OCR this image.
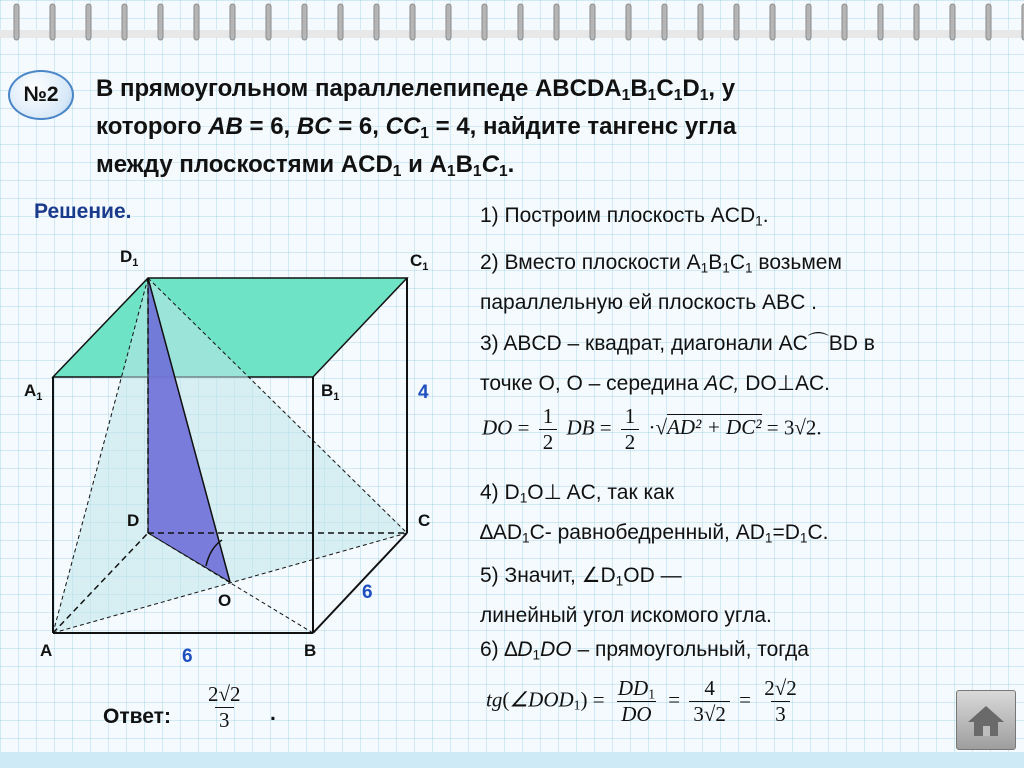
№2	В прямоугольном параллелепипеде $ABCDA_1B_1C_1D_1$, у
которого AB = 6, BC = 6, $CC_1 = 4$, найдите тангенс угла
между плоскостями $ACD_1$ и $A_1B_1C_1$.
Решение.
$D_1$	$C_1$
$A_1$	$B_1$
D	C
A	B
O
4
6
6
1) Построим плоскость $ACD_1$.
2) Вместо плоскости $A_1B_1C_1$ возьмем
параллельную ей плоскость ABC .
3) ABCD – квадрат, диагонали AC⌒BD в
точке О, О – середина AC, DO⊥AC.
DO = $\frac{1}{2}$ DB = $\frac{1}{2} \cdot√AD^2 + DC^2 = 3√2$.
4) $D_1O\perp$ AC, так как
$\Delta AD_1C-$ равнобедренный, $AD_1=D_1C$.
5) Значит, $\angle D_1OD$ —
линейный угол искомого угла.
6) $\Delta D_1DO$ – прямоугольный, тогда
$tg(\angle DOD_1) = \frac{DD_1}{DO} = \frac{4}{3√2} = \frac{2√2}{3}$
Ответ: $\frac{2√2}{3}$ .
